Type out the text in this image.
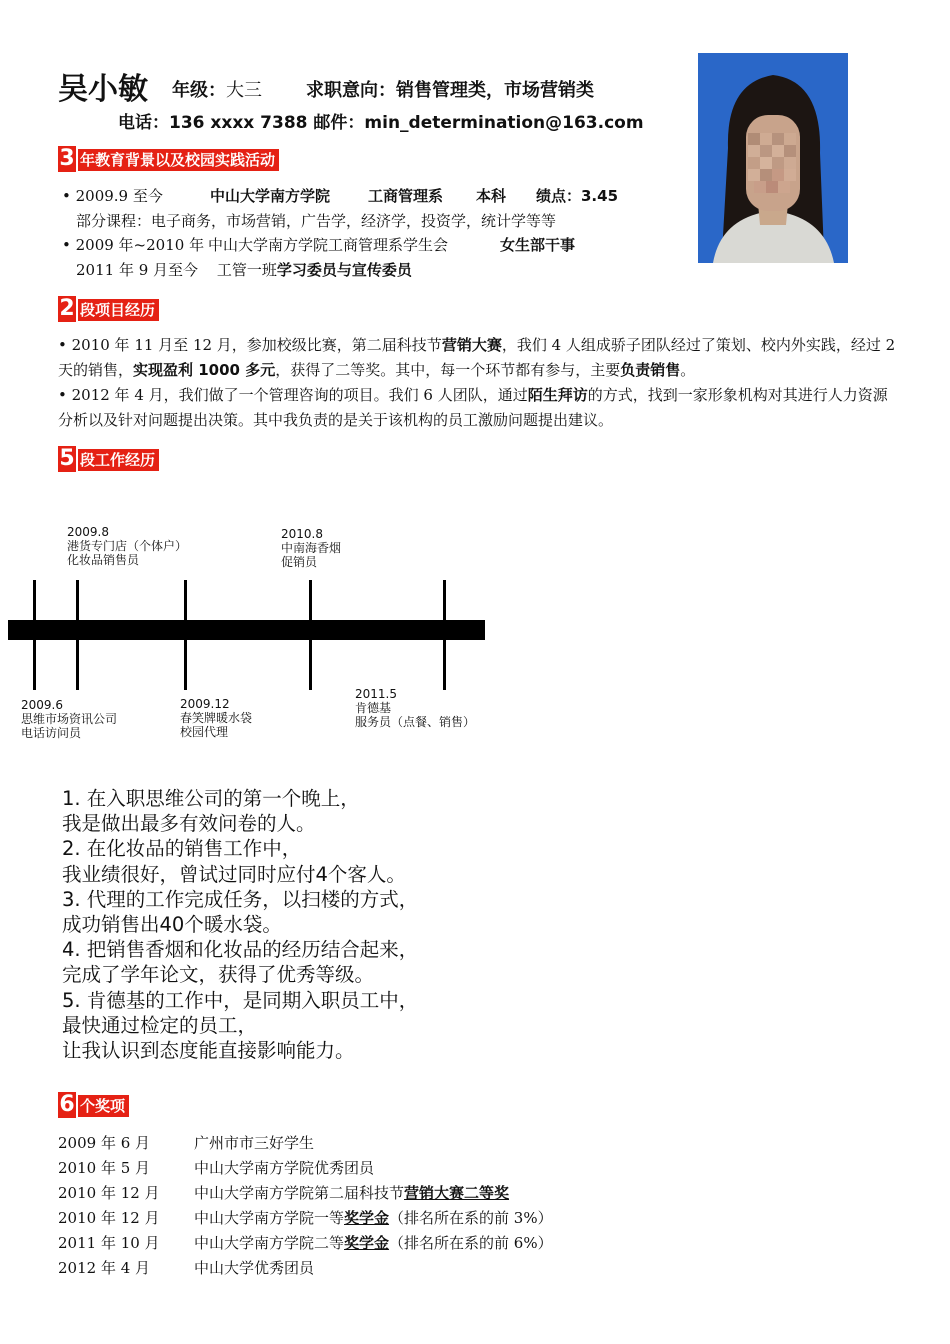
吴小敏 年级：大三 求职意向：销售管理类，市场营销类
电话：136 xxxx 7388 邮件：min_determination@163.com
3 年教育背景以及校园实践活动
• 2009.9 至今	中山大学南方学院	工商管理系 本科 绩点：3.45
部分课程：电子商务，市场营销，广告学，经济学，投资学，统计学等等
• 2009 年~2010 年 中山大学南方学院工商管理系学生会	女生部干事
2011 年 9 月至今 工管一班学习委员与宣传委员
2 段项目经历
• 2010 年 11 月至 12 月，参加校级比赛，第二届科技节营销大赛，我们 4 人组成骄子团队经过了策划、校内外实践，经过 2 天的销售，实现盈利 1000 多元，获得了二等奖。其中，每一个环节都有参与，主要负责销售。
• 2012 年 4 月，我们做了一个管理咨询的项目。我们 6 人团队，通过陌生拜访的方式，找到一家形象机构对其进行人力资源分析以及针对问题提出决策。其中我负责的是关于该机构的员工激励问题提出建议。
5 段工作经历
2009.8
港货专门店（个体户）
化妆品销售员
2010.8
中南海香烟
促销员
2009.6
思维市场资讯公司
电话访问员
2009.12
春笑牌暖水袋
校园代理
2011.5
肯德基
服务员（点餐、销售）
1. 在入职思维公司的第一个晚上，
我是做出最多有效问卷的人。
2. 在化妆品的销售工作中，
我业绩很好，曾试过同时应付4个客人。
3. 代理的工作完成任务，以扫楼的方式，
成功销售出40个暖水袋。
4. 把销售香烟和化妆品的经历结合起来，
完成了学年论文，获得了优秀等级。
5. 肯德基的工作中，是同期入职员工中，
最快通过检定的员工，
让我认识到态度能直接影响能力。
6 个奖项
2009 年 6 月	广州市市三好学生
2010 年 5 月	中山大学南方学院优秀团员
2010 年 12 月 中山大学南方学院第二届科技节营销大赛二等奖
2010 年 12 月 中山大学南方学院一等奖学金（排名所在系的前 3%）
2011 年 10 月 中山大学南方学院二等奖学金（排名所在系的前 6%）
2012 年 4 月	中山大学优秀团员
